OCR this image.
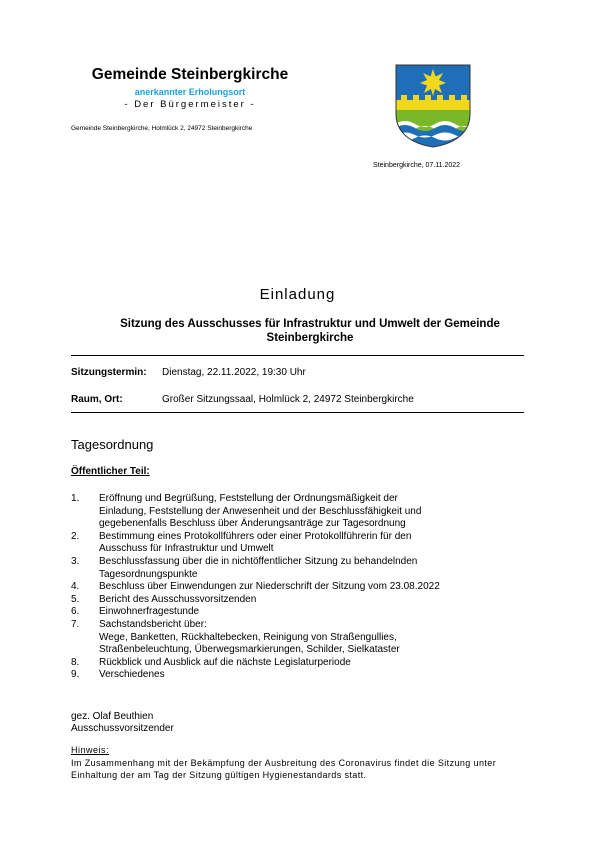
Gemeinde Steinbergkirche
anerkannter Erholungsort
- Der Bürgermeister -
Gemeinde Steinbergkirche, Holmlück 2, 24972 Steinbergkirche
Steinbergkirche, 07.11.2022
Einladung
Sitzung des Ausschusses für Infrastruktur und Umwelt der Gemeinde Steinbergkirche
Sitzungstermin: Dienstag, 22.11.2022, 19:30 Uhr
Raum, Ort:	Großer Sitzungssaal, Holmlück 2, 24972 Steinbergkirche
Tagesordnung
Öffentlicher Teil:
1.	Eröffnung und Begrüßung, Feststellung der Ordnungsmäßigkeit der
Einladung, Feststellung der Anwesenheit und der Beschlussfähigkeit und
gegebenenfalls Beschluss über Änderungsanträge zur Tagesordnung
2.	Bestimmung eines Protokollführers oder einer Protokollführerin für den
Ausschuss für Infrastruktur und Umwelt
3.	Beschlussfassung über die in nichtöffentlicher Sitzung zu behandelnden
Tagesordnungspunkte
4.	Beschluss über Einwendungen zur Niederschrift der Sitzung vom 23.08.2022
5.	Bericht des Ausschussvorsitzenden
6.	Einwohnerfragestunde
7.	Sachstandsbericht über:
Wege, Banketten, Rückhaltebecken, Reinigung von Straßengullies,
Straßenbeleuchtung, Überwegsmarkierungen, Schilder, Sielkataster
8.	Rückblick und Ausblick auf die nächste Legislaturperiode
9.	Verschiedenes
gez. Olaf Beuthien
Ausschussvorsitzender
Hinweis:
Im Zusammenhang mit der Bekämpfung der Ausbreitung des Coronavirus findet die Sitzung unter Einhaltung der am Tag der Sitzung gültigen Hygienestandards statt.
